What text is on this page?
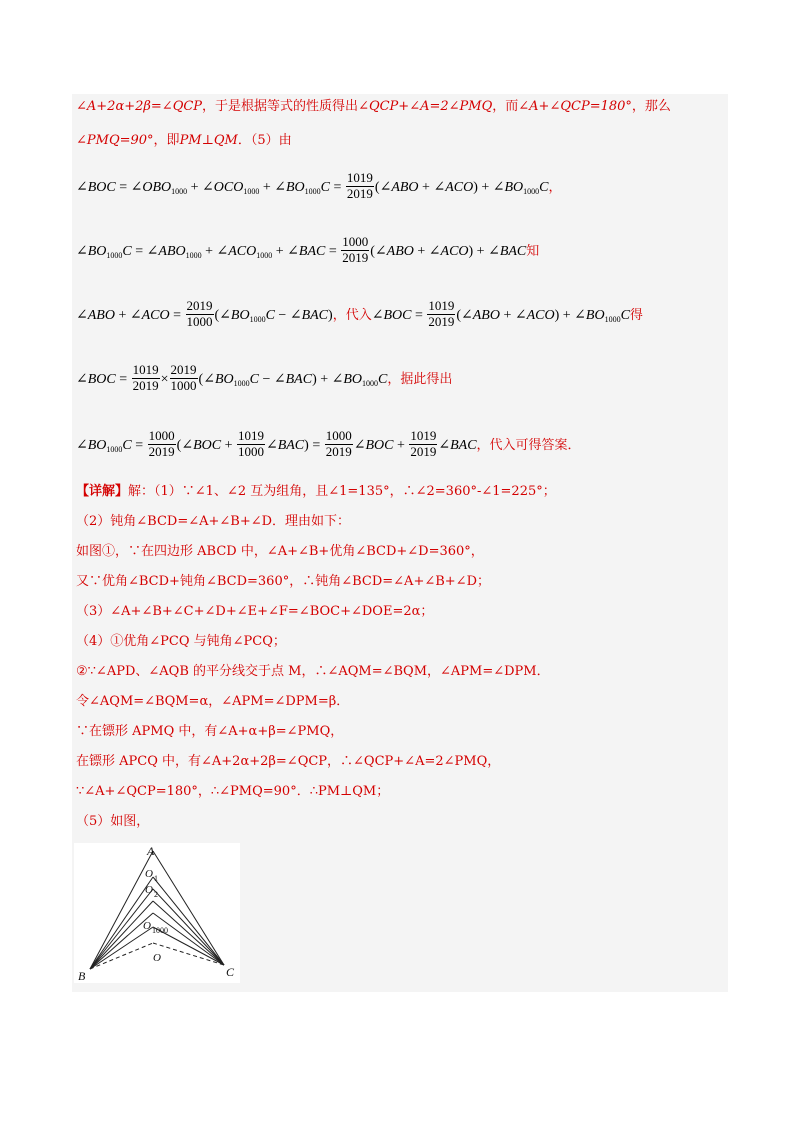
∠A+2α+2β=∠QCP，于是根据等式的性质得出∠QCP+∠A=2∠PMQ，而∠A+∠QCP=180°，那么
∠PMQ=90°，即PM⊥QM．（5）由
∠BOC = $\angle OBO_{1000}$ + $\angle OCO_{1000}$ + $\angle BO_{1000}C = \frac{1019}{2019}$ (∠ABO + ∠ACO) + $\angle BO_{1000}C$，
$\angle BO_{1000}C$ = $\angle ABO_{1000}$ + $\angle ACO_{1000}$ + ∠BAC = $\frac{1000}{2019}$ (∠ABO + ∠ACO) + ∠BAC知
∠ABO + ∠ACO = $\frac{2019}{1000}$ ($\angle BO_{1000}C$ − ∠BAC)，代入∠BOC = $\frac{1019}{2019}$ (∠ABO + ∠ACO) + $\angle BO_{1000}C$得
∠BOC = $\frac{1019}{2019} \times \frac{2019}{1000}$ ($\angle BO_{1000}C$ − ∠BAC) + $\angle BO_{1000}C$，据此得出
$\angle BO_{1000}C = \frac{1000}{2019}$ (∠BOC + $\frac{1019}{1000}$ ∠BAC) = $\frac{1000}{2019}$ ∠BOC + $\frac{1019}{2019}$ ∠BAC，代入可得答案．
【详解】解：（1）∵∠1、∠2 互为组角，且∠1=135°，∴∠2=360°-∠1=225°；
（2）钝角∠BCD=∠A+∠B+∠D．理由如下：
如图①，∵在四边形 ABCD 中，∠A+∠B+优角∠BCD+∠D=360°，
又∵优角∠BCD+钝角∠BCD=360°，∴钝角∠BCD=∠A+∠B+∠D；
（3）∠A+∠B+∠C+∠D+∠E+∠F=∠BOC+∠DOE=2α；
（4）①优角∠PCQ 与钝角∠PCQ；
②∵∠APD、∠AQB 的平分线交于点 M，∴∠AQM=∠BQM，∠APM=∠DPM．
令∠AQM=∠BQM=α，∠APM=∠DPM=β．
∵在镖形 APMQ 中，有∠A+α+β=∠PMQ，
在镖形 APCQ 中，有∠A+2α+2β=∠QCP，∴∠QCP+∠A=2∠PMQ，
∵∠A+∠QCP=180°，∴∠PMQ=90°．∴PM⊥QM；
（5）如图，
A
B	C
O
O 1
O 2
O 1000
